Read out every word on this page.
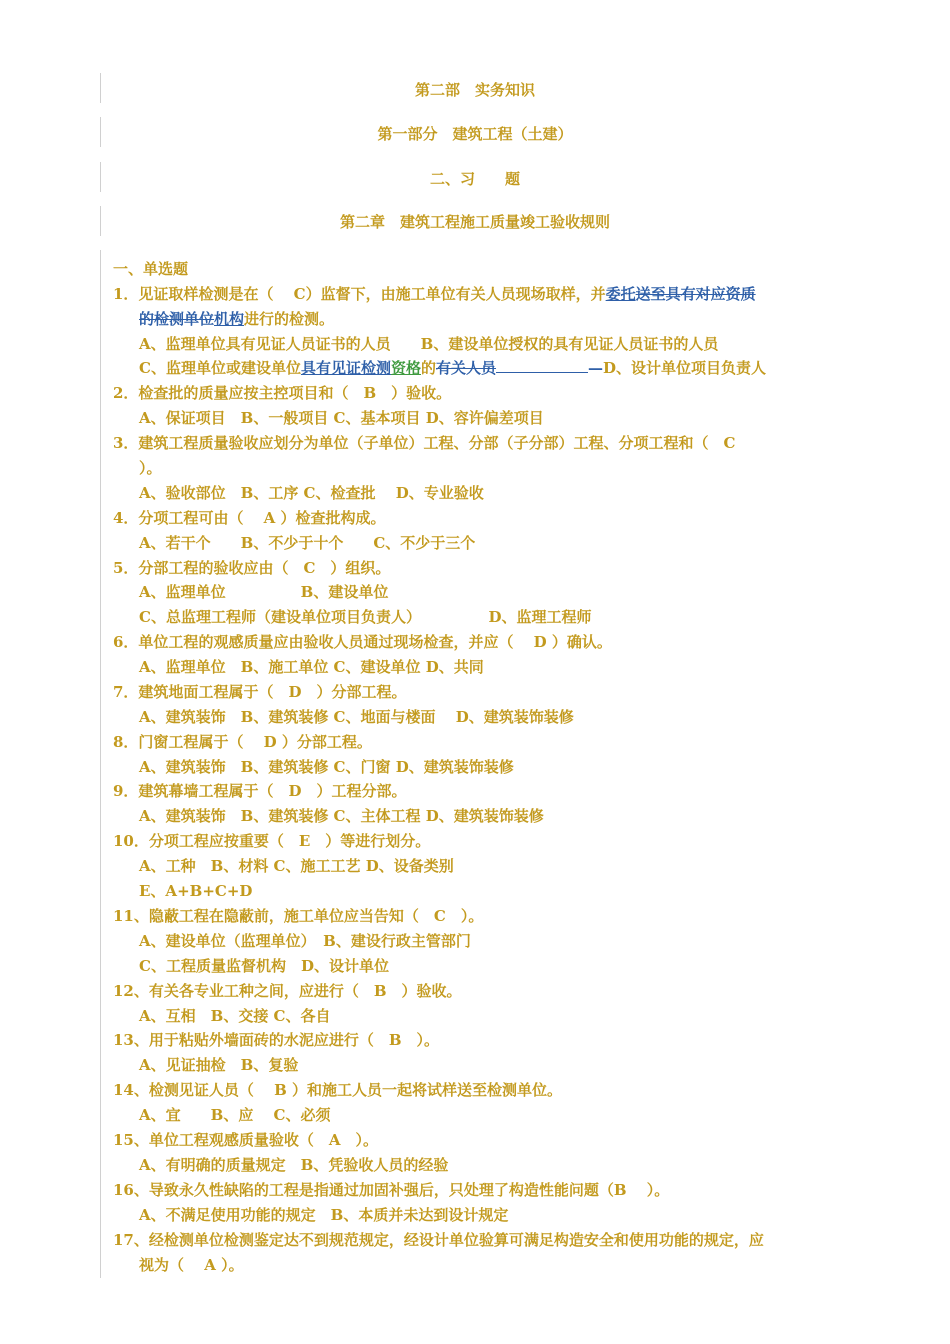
第二部　实务知识
第一部分　建筑工程（土建）
二、习　　题
第二章　建筑工程施工质量竣工验收规则
一、单选题
1．见证取样检测是在（　 C）监督下，由施工单位有关人员现场取样，并委托送至具有对应资质
的检测单位机构进行的检测。
A、监理单位具有见证人员证书的人员　　B、建设单位授权的具有见证人员证书的人员
C、监理单位或建设单位具有见证检测资格的有关人员	—D、设计单位项目负责人
2．检查批的质量应按主控项目和（　B　）验收。
A、保证项目　B、一般项目 C、基本项目 D、容许偏差项目
3．建筑工程质量验收应划分为单位（子单位）工程、分部（子分部）工程、分项工程和（　C
）。
A、验收部位　B、工序 C、检查批　 D、专业验收
4．分项工程可由（　 A ）检查批构成。
A、若干个　　B、不少于十个　　C、不少于三个
5．分部工程的验收应由（　C　）组织。
A、监理单位　　　　　B、建设单位
C、总监理工程师（建设单位项目负责人）　　　　　D、监理工程师
6．单位工程的观感质量应由验收人员通过现场检查，并应（　 D ）确认。
A、监理单位　B、施工单位 C、建设单位 D、共同
7．建筑地面工程属于（　D　）分部工程。
A、建筑装饰　B、建筑装修 C、地面与楼面　 D、建筑装饰装修
8．门窗工程属于（　 D ）分部工程。
A、建筑装饰　B、建筑装修 C、门窗 D、建筑装饰装修
9．建筑幕墙工程属于（　D　）工程分部。
A、建筑装饰　B、建筑装修 C、主体工程 D、建筑装饰装修
10．分项工程应按重要（　E　）等进行划分。
A、工种　B、材料 C、施工工艺 D、设备类别
E、A+B+C+D
11、隐蔽工程在隐蔽前，施工单位应当告知（　C　）。
A、建设单位（监理单位）　B、建设行政主管部门
C、工程质量监督机构　D、设计单位
12、有关各专业工种之间，应进行（　B　）验收。
A、互相　B、交接 C、各自
13、用于粘贴外墙面砖的水泥应进行（　B　）。
A、见证抽检　B、复验
14、检测见证人员（　 B ）和施工人员一起将试样送至检测单位。
A、宜　　B、应　 C、必须
15、单位工程观感质量验收（　A　）。
A、有明确的质量规定　B、凭验收人员的经验
16、导致永久性缺陷的工程是指通过加固补强后，只处理了构造性能问题（B　 ）。
A、不满足使用功能的规定　B、本质并未达到设计规定
17、经检测单位检测鉴定达不到规范规定，经设计单位验算可满足构造安全和使用功能的规定，应
视为（　 A ）。
